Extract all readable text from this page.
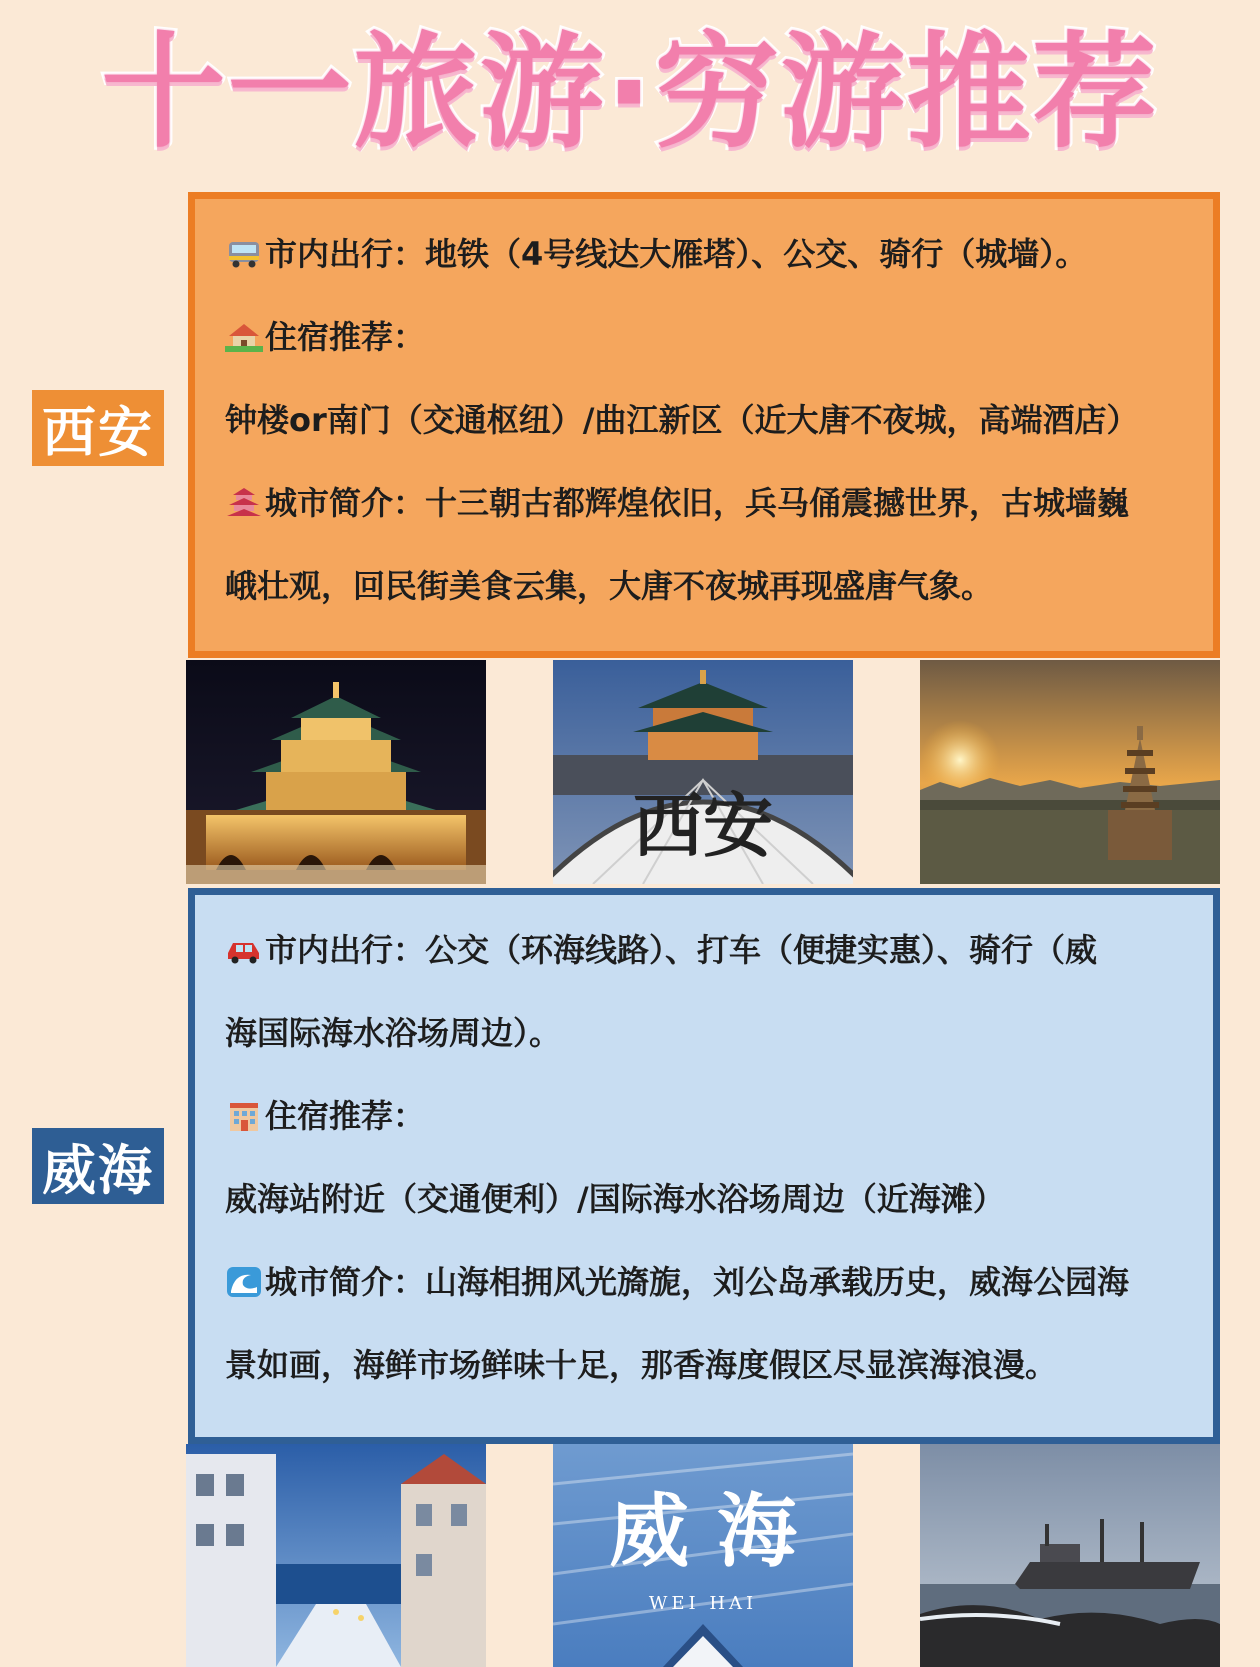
十一旅游·穷游推荐
西安
市内出行：地铁（4号线达大雁塔）、公交、骑行（城墙）。
住宿推荐：
钟楼or南门（交通枢纽）/曲江新区（近大唐不夜城，高端酒店）
城市简介：十三朝古都辉煌依旧，兵马俑震撼世界，古城墙巍
峨壮观，回民街美食云集，大唐不夜城再现盛唐气象。
西安
威海
市内出行：公交（环海线路）、打车（便捷实惠）、骑行（威
海国际海水浴场周边）。
住宿推荐：
威海站附近（交通便利）/国际海水浴场周边（近海滩）
城市简介：山海相拥风光旖旎，刘公岛承载历史，威海公园海
景如画，海鲜市场鲜味十足，那香海度假区尽显滨海浪漫。
威 海
WEI HAI
